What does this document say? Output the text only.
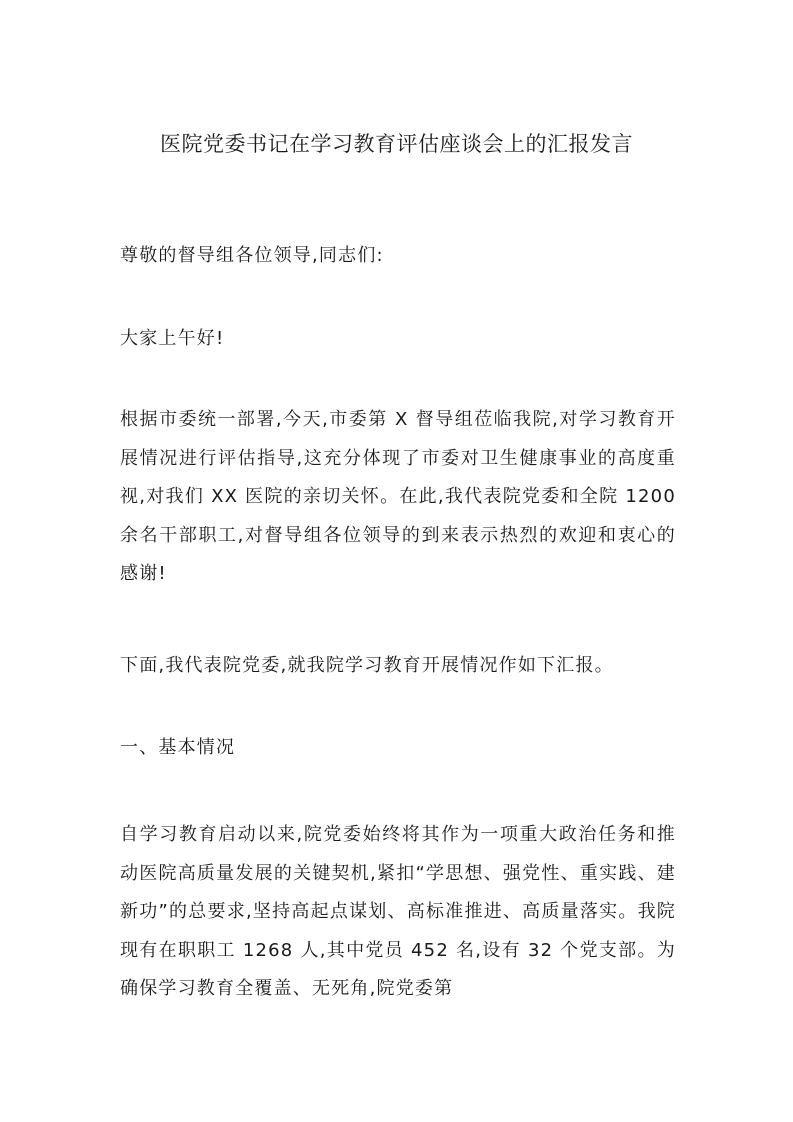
医院党委书记在学习教育评估座谈会上的汇报发言

尊敬的督导组各位领导,同志们:

大家上午好!

根据市委统一部署,今天,市委第 X 督导组莅临我院,对学习教育开展情况进行评估指导,这充分体现了市委对卫生健康事业的高度重视,对我们 XX 医院的亲切关怀。在此,我代表院党委和全院 1200 余名干部职工,对督导组各位领导的到来表示热烈的欢迎和衷心的感谢!

下面,我代表院党委,就我院学习教育开展情况作如下汇报。

一、基本情况

自学习教育启动以来,院党委始终将其作为一项重大政治任务和推动医院高质量发展的关键契机,紧扣“学思想、强党性、重实践、建新功”的总要求,坚持高起点谋划、高标准推进、高质量落实。我院现有在职职工 1268 人,其中党员 452 名,设有 32 个党支部。为确保学习教育全覆盖、无死角,院党委第
